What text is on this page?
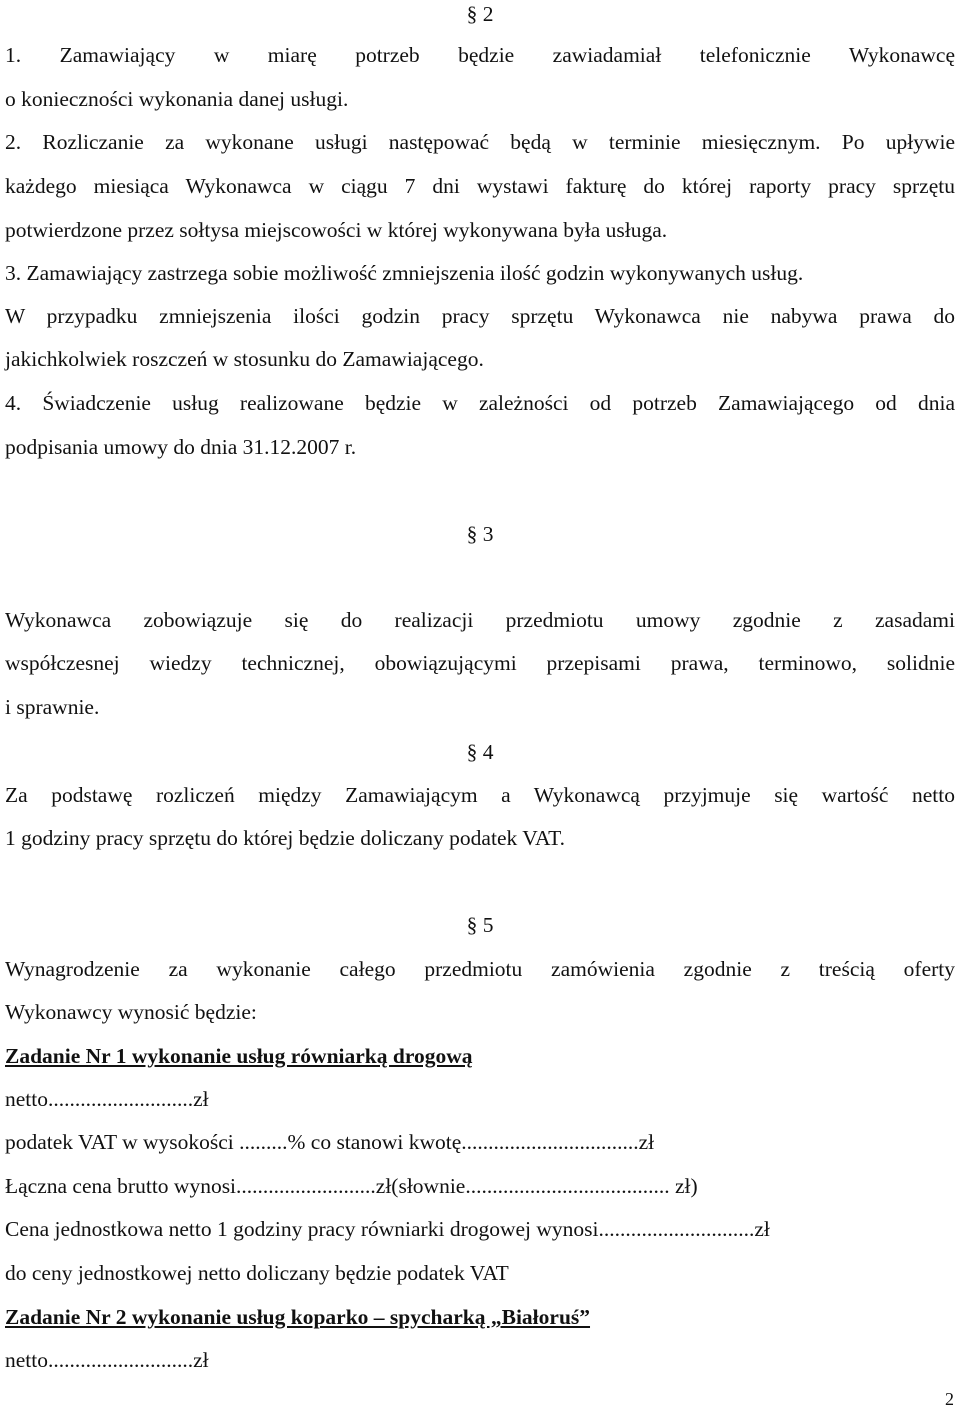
§ 2
1. Zamawiający w miarę potrzeb będzie zawiadamiał telefonicznie Wykonawcę
o konieczności wykonania danej usługi.
2. Rozliczanie za wykonane usługi następować będą w terminie miesięcznym. Po upływie
każdego miesiąca Wykonawca w ciągu 7 dni wystawi fakturę do której raporty pracy sprzętu
potwierdzone przez sołtysa miejscowości w której wykonywana była usługa.
3. Zamawiający zastrzega sobie możliwość zmniejszenia ilość godzin wykonywanych usług.
W przypadku zmniejszenia ilości godzin pracy sprzętu Wykonawca nie nabywa prawa do
jakichkolwiek roszczeń w stosunku do Zamawiającego.
4. Świadczenie usług realizowane będzie w zależności od potrzeb Zamawiającego od dnia
podpisania umowy do dnia 31.12.2007 r.
§ 3
Wykonawca zobowiązuje się do realizacji przedmiotu umowy zgodnie z zasadami
współczesnej wiedzy technicznej, obowiązującymi przepisami prawa, terminowo, solidnie
i sprawnie.
§ 4
Za podstawę rozliczeń między Zamawiającym a Wykonawcą przyjmuje się wartość netto
1 godziny pracy sprzętu do której będzie doliczany podatek VAT.
§ 5
Wynagrodzenie za wykonanie całego przedmiotu zamówienia zgodnie z treścią oferty
Wykonawcy wynosić będzie:
Zadanie Nr 1 wykonanie usług równiarką drogową
netto...........................zł
podatek VAT w wysokości .........% co stanowi kwotę.................................zł
Łączna cena brutto wynosi..........................zł(słownie...................................... zł)
Cena jednostkowa netto 1 godziny pracy równiarki drogowej wynosi.............................zł
do ceny jednostkowej netto doliczany będzie podatek VAT
Zadanie Nr 2 wykonanie usług koparko – spycharką „Białoruś”
netto...........................zł
2
